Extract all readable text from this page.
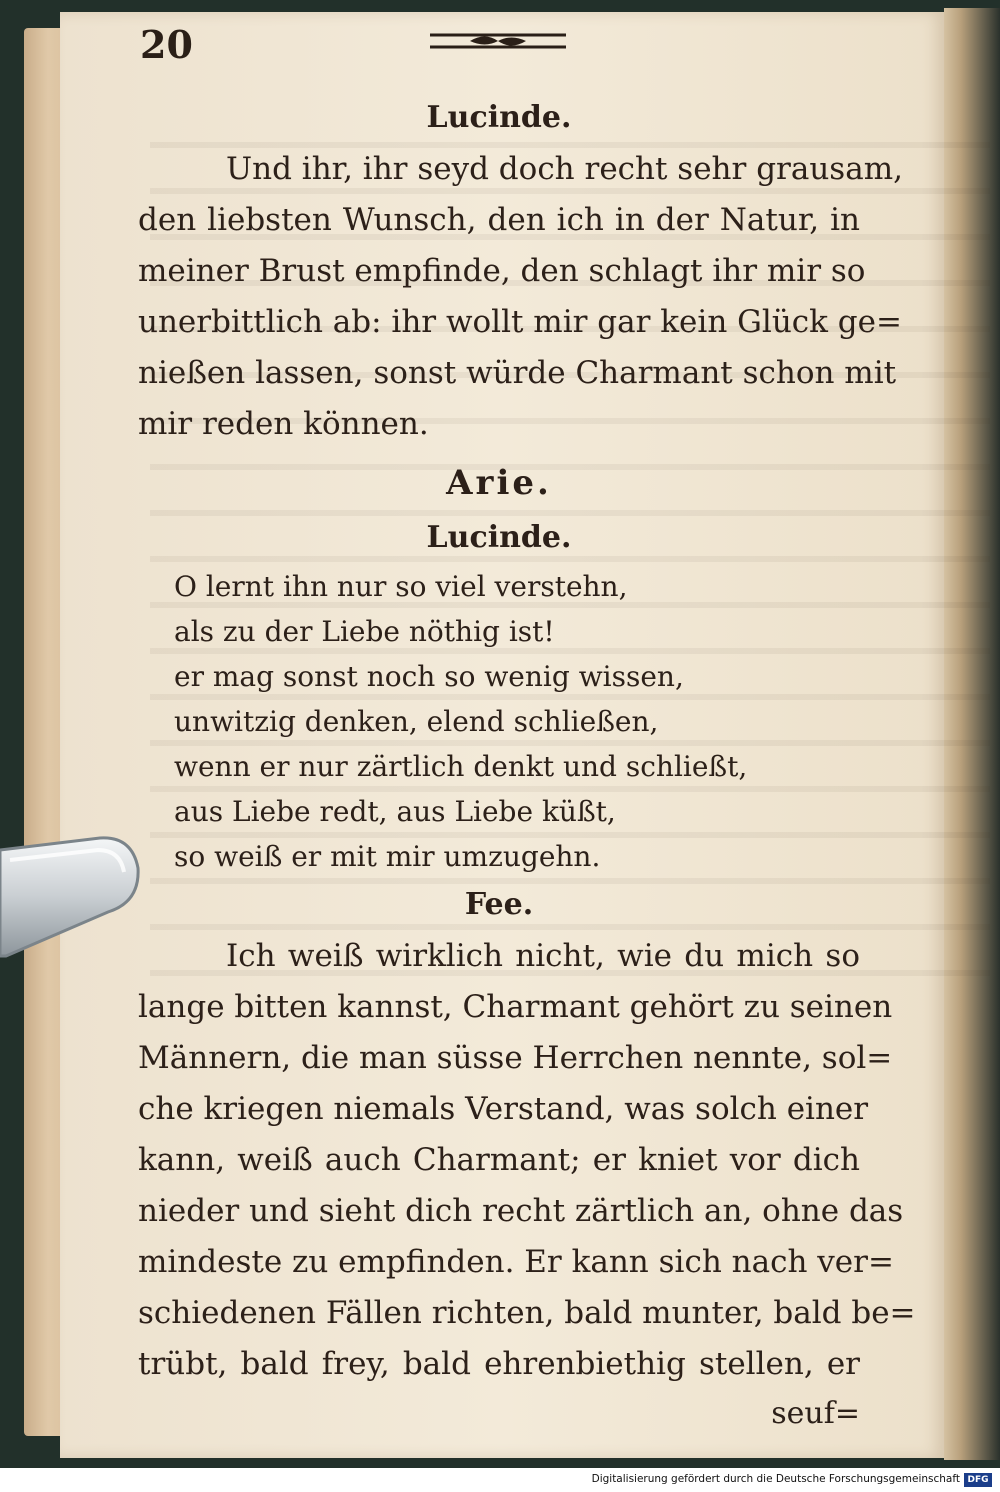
20
Lucinde.

Und ihr, ihr seyd doch recht sehr grausam,

den liebsten Wunsch, den ich in der Natur, in

meiner Brust empfinde, den schlagt ihr mir so

unerbittlich ab: ihr wollt mir gar kein Glück ge=

nießen lassen, sonst würde Charmant schon mit

mir reden können.

Arie.
Lucinde.

O lernt ihn nur so viel verstehn,

als zu der Liebe nöthig ist!

er mag sonst noch so wenig wissen,

unwitzig denken, elend schließen,

wenn er nur zärtlich denkt und schließt,

aus Liebe redt, aus Liebe küßt,

so weiß er mit mir umzugehn.

Fee.

Ich weiß wirklich nicht, wie du mich so

lange bitten kannst, Charmant gehört zu seinen

Männern, die man süsse Herrchen nennte, sol=

che kriegen niemals Verstand, was solch einer

kann, weiß auch Charmant; er kniet vor dich

nieder und sieht dich recht zärtlich an, ohne das

mindeste zu empfinden. Er kann sich nach ver=

schiedenen Fällen richten, bald munter, bald be=

trübt, bald frey, bald ehrenbiethig stellen, er

seuf=
Digitalisierung gefördert durch die Deutsche Forschungsgemeinschaft DFG
